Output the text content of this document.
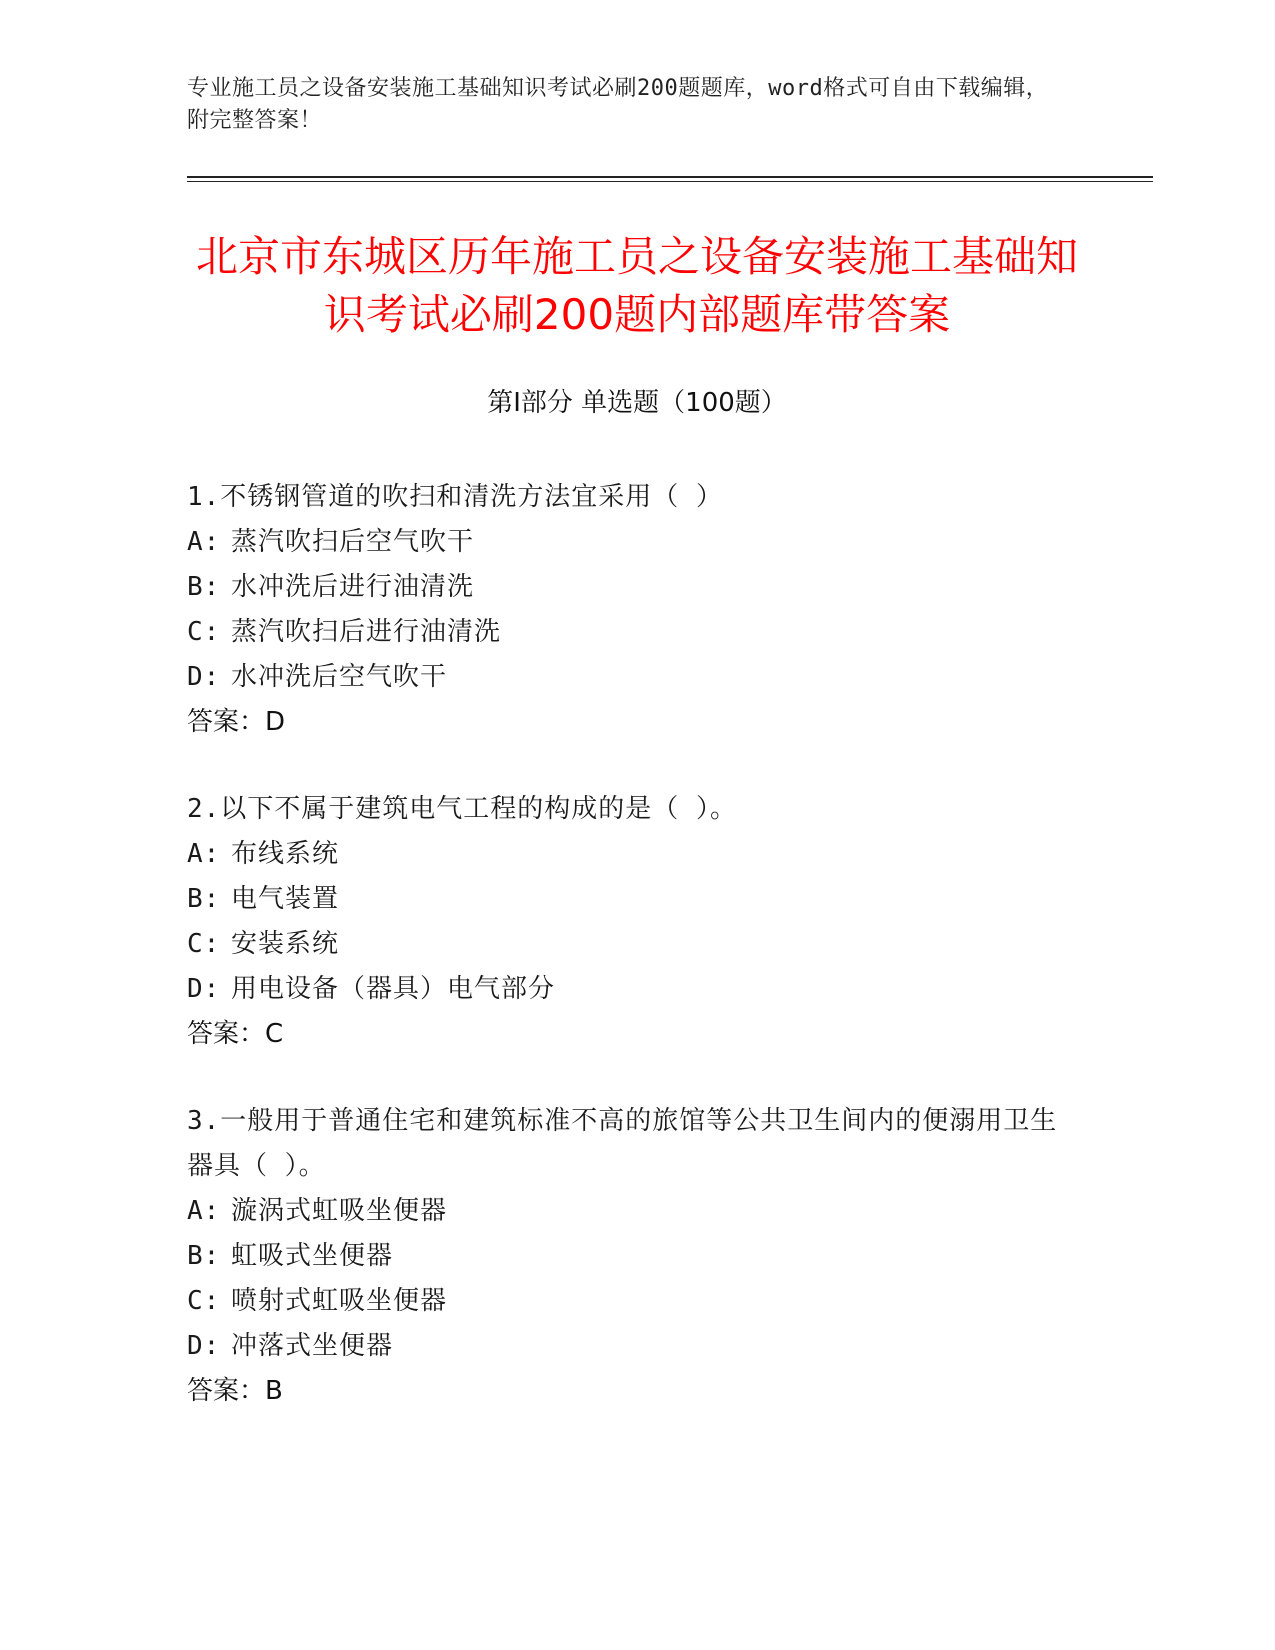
专业施工员之设备安装施工基础知识考试必刷200题题库，word格式可自由下载编辑，附完整答案！
北京市东城区历年施工员之设备安装施工基础知识考试必刷200题内部题库带答案
第Ⅰ部分 单选题（100题）
1.不锈钢管道的吹扫和清洗方法宜采用（ ）
A: 蒸汽吹扫后空气吹干
B: 水冲洗后进行油清洗
C: 蒸汽吹扫后进行油清洗
D: 水冲洗后空气吹干
答案：D
2.以下不属于建筑电气工程的构成的是（ ）。
A: 布线系统
B: 电气装置
C: 安装系统
D: 用电设备（器具）电气部分
答案：C
3.一般用于普通住宅和建筑标准不高的旅馆等公共卫生间内的便溺用卫生器具（ ）。
A: 漩涡式虹吸坐便器
B: 虹吸式坐便器
C: 喷射式虹吸坐便器
D: 冲落式坐便器
答案：B
